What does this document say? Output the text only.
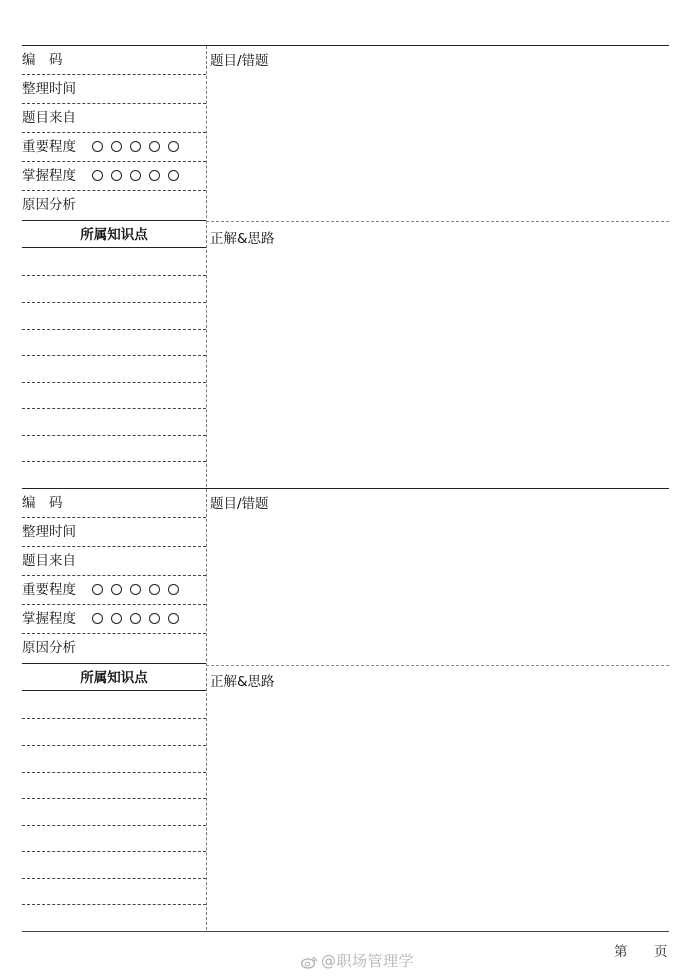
编　码
整理时间
题目来自
重要程度
掌握程度
原因分析
所属知识点
题目/错题
正解&思路
编　码
整理时间
题目来自
重要程度
掌握程度
原因分析
所属知识点
题目/错题
正解&思路
@职场管理学	第 页
